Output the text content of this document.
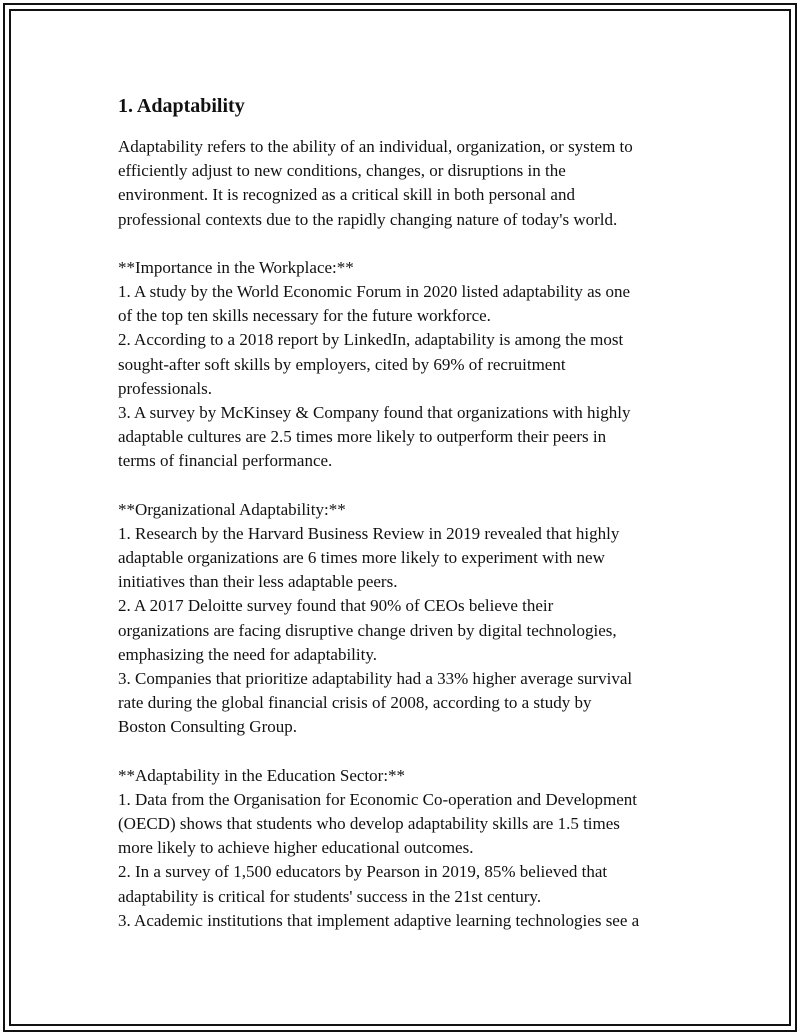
1. Adaptability

Adaptability refers to the ability of an individual, organization, or system to
efficiently adjust to new conditions, changes, or disruptions in the
environment. It is recognized as a critical skill in both personal and
professional contexts due to the rapidly changing nature of today's world.

**Importance in the Workplace:**
1. A study by the World Economic Forum in 2020 listed adaptability as one
of the top ten skills necessary for the future workforce.
2. According to a 2018 report by LinkedIn, adaptability is among the most
sought-after soft skills by employers, cited by 69% of recruitment
professionals.
3. A survey by McKinsey & Company found that organizations with highly
adaptable cultures are 2.5 times more likely to outperform their peers in
terms of financial performance.

**Organizational Adaptability:**
1. Research by the Harvard Business Review in 2019 revealed that highly
adaptable organizations are 6 times more likely to experiment with new
initiatives than their less adaptable peers.
2. A 2017 Deloitte survey found that 90% of CEOs believe their
organizations are facing disruptive change driven by digital technologies,
emphasizing the need for adaptability.
3. Companies that prioritize adaptability had a 33% higher average survival
rate during the global financial crisis of 2008, according to a study by
Boston Consulting Group.

**Adaptability in the Education Sector:**
1. Data from the Organisation for Economic Co-operation and Development
(OECD) shows that students who develop adaptability skills are 1.5 times
more likely to achieve higher educational outcomes.
2. In a survey of 1,500 educators by Pearson in 2019, 85% believed that
adaptability is critical for students' success in the 21st century.
3. Academic institutions that implement adaptive learning technologies see a
